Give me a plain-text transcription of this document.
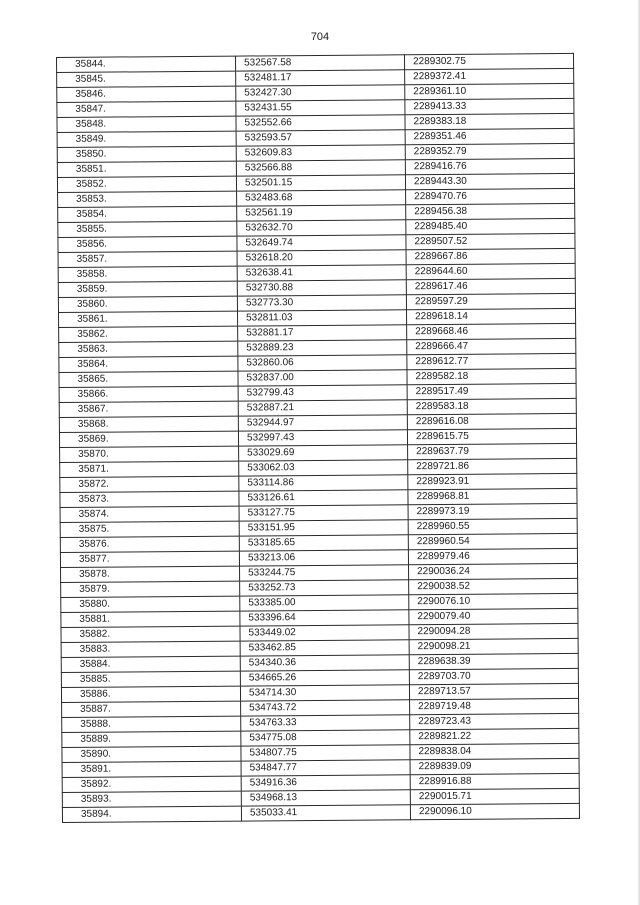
704
35844.	532567.58	2289302.75
35845.	532481.17	2289372.41
35846.	532427.30	2289361.10
35847.	532431.55	2289413.33
35848.	532552.66	2289383.18
35849.	532593.57	2289351.46
35850.	532609.83	2289352.79
35851.	532566.88	2289416.76
35852.	532501.15	2289443.30
35853.	532483.68	2289470.76
35854.	532561.19	2289456.38
35855.	532632.70	2289485.40
35856.	532649.74	2289507.52
35857.	532618.20	2289667.86
35858.	532638.41	2289644.60
35859.	532730.88	2289617.46
35860.	532773.30	2289597.29
35861.	532811.03	2289618.14
35862.	532881.17	2289668.46
35863.	532889.23	2289666.47
35864.	532860.06	2289612.77
35865.	532837.00	2289582.18
35866.	532799.43	2289517.49
35867.	532887.21	2289583.18
35868.	532944.97	2289616.08
35869.	532997.43	2289615.75
35870.	533029.69	2289637.79
35871.	533062.03	2289721.86
35872.	533114.86	2289923.91
35873.	533126.61	2289968.81
35874.	533127.75	2289973.19
35875.	533151.95	2289960.55
35876.	533185.65	2289960.54
35877.	533213.06	2289979.46
35878.	533244.75	2290036.24
35879.	533252.73	2290038.52
35880.	533385.00	2290076.10
35881.	533396.64	2290079.40
35882.	533449.02	2290094.28
35883.	533462.85	2290098.21
35884.	534340.36	2289638.39
35885.	534665.26	2289703.70
35886.	534714.30	2289713.57
35887.	534743.72	2289719.48
35888.	534763.33	2289723.43
35889.	534775.08	2289821.22
35890.	534807.75	2289838.04
35891.	534847.77	2289839.09
35892.	534916.36	2289916.88
35893.	534968.13	2290015.71
35894.	535033.41	2290096.10
